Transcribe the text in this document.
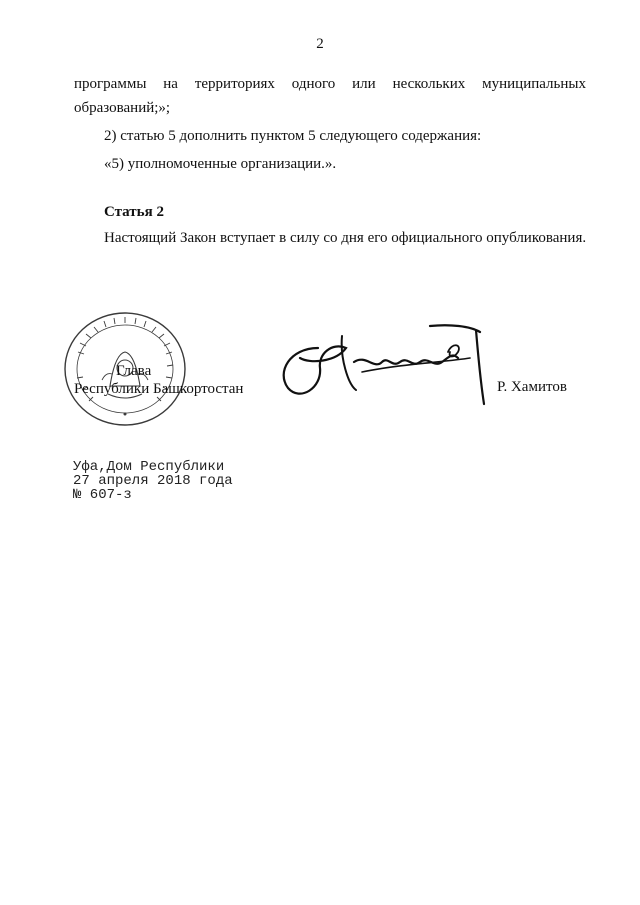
2
программы на территориях одного или нескольких муниципальных
образований;»;
2) статью 5 дополнить пунктом 5 следующего содержания:
«5) уполномоченные организации.».
Статья 2
Настоящий Закон вступает в силу со дня его официального опубликования.
Глава
Республики Башкортостан	Р. Хамитов
Уфа,Дом Республики
27 апреля 2018 года
№ 607-з
